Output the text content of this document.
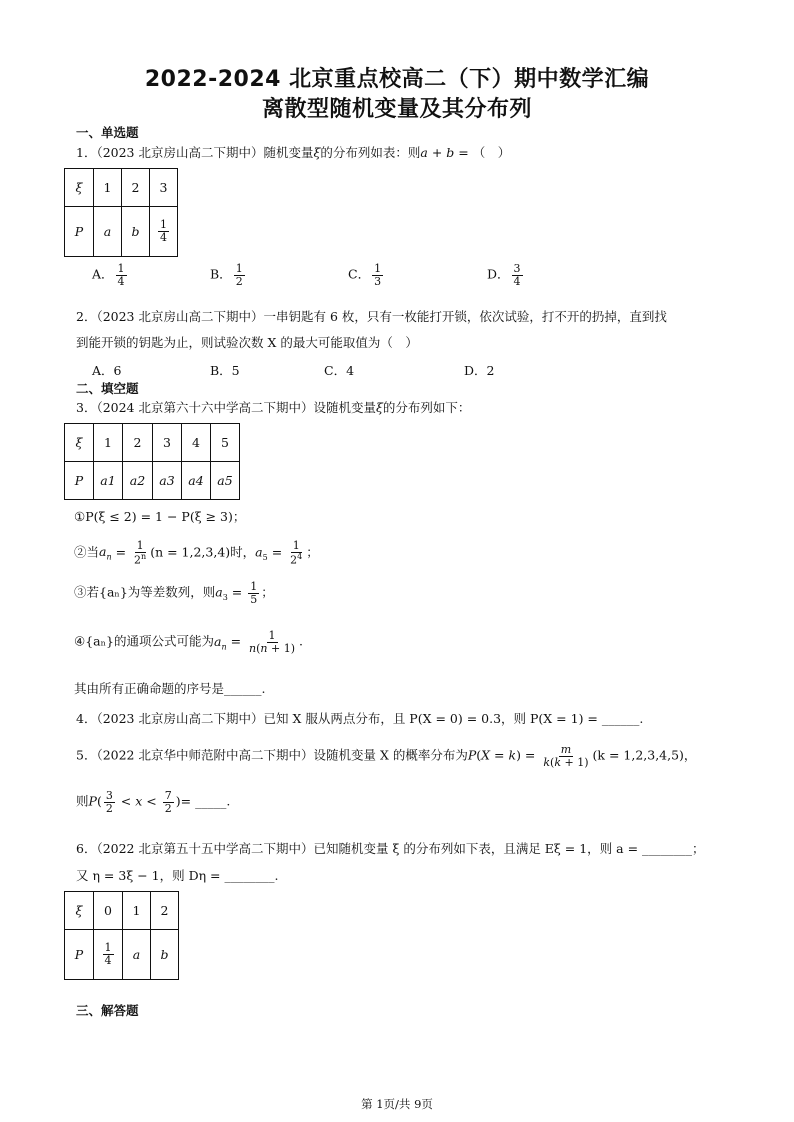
2022-2024 北京重点校高二（下）期中数学汇编
离散型随机变量及其分布列
一、单选题
1．（2023 北京房山高二下期中）随机变量ξ的分布列如表：则a + b = （　）
ξ	1	2	3
P	a	b	$\frac{1}{4}$
A． $\frac{1}{4}$	B． $\frac{1}{2}$	C． $\frac{1}{3}$	D． $\frac{3}{4}$
2．（2023 北京房山高二下期中）一串钥匙有 6 枚，只有一枚能打开锁，依次试验，打不开的扔掉，直到找
到能开锁的钥匙为止，则试验次数 X 的最大可能取值为（　）
A．6	B．5	C．4	D．2
二、填空题
3．（2024 北京第六十六中学高二下期中）设随机变量ξ的分布列如下：
ξ	1	2	3	4	5
P	a1	a2	a3	a4	a5
①P(ξ ≤ 2) = 1 − P(ξ ≥ 3)；
②当$a_n = \frac{1}{2^n} (n = 1,2,3,4)$时，$a_5 = \frac{1}{2^4}$ ；
③若{aₙ}为等差数列，则$a_3 = \frac{1}{5}$ ；
④{aₙ}的通项公式可能为$a_n = \frac{1}{n(n + 1)}$ .
其由所有正确命题的序号是______.
4．（2023 北京房山高二下期中）已知 X 服从两点分布，且 P(X = 0) = 0.3，则 P(X = 1) = ______.
5．（2022 北京华中师范附中高二下期中）设随机变量 X 的概率分布为$P(X = k) = \frac{m}{k(k + 1)} (k = 1,2,3,4,5)$，
则$P( \frac{3}{2} < x < \frac{7}{2}$ )= _____.
6．（2022 北京第五十五中学高二下期中）已知随机变量 ξ 的分布列如下表，且满足 Eξ = 1，则 a = ________；
又 η = 3ξ − 1，则 Dη = ________.
ξ	0	1	2
P	$\frac{1}{4}$	a	b
三、解答题
第 1页/共 9页
